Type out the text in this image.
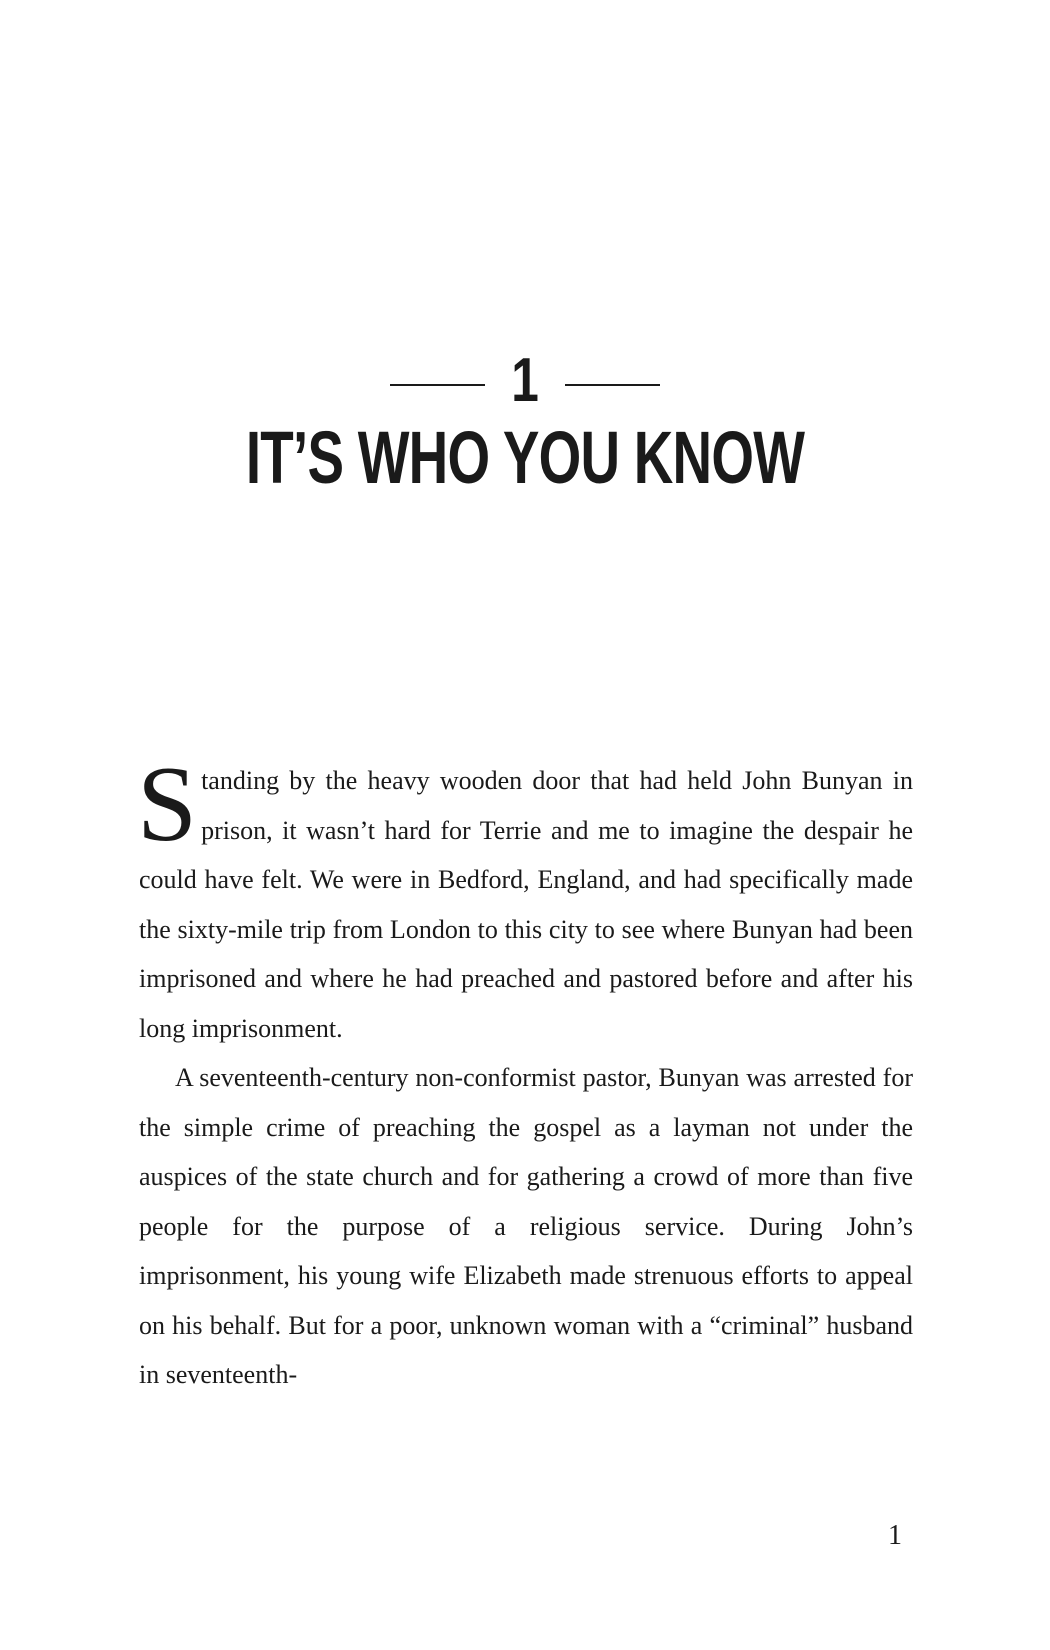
1
IT’S WHO YOU KNOW

Standing by the heavy wooden door that had held John Bunyan in prison, it wasn’t hard for Terrie and me to imagine the despair he could have felt. We were in Bedford, England, and had specifically made the sixty-mile trip from London to this city to see where Bunyan had been imprisoned and where he had preached and pastored before and after his long imprisonment.

A seventeenth-century non-conformist pastor, Bunyan was arrested for the simple crime of preaching the gospel as a layman not under the auspices of the state church and for gathering a crowd of more than five people for the purpose of a religious service. During John’s imprisonment, his young wife Elizabeth made strenuous efforts to appeal on his behalf. But for a poor, unknown woman with a “criminal” husband in seventeenth-

1
